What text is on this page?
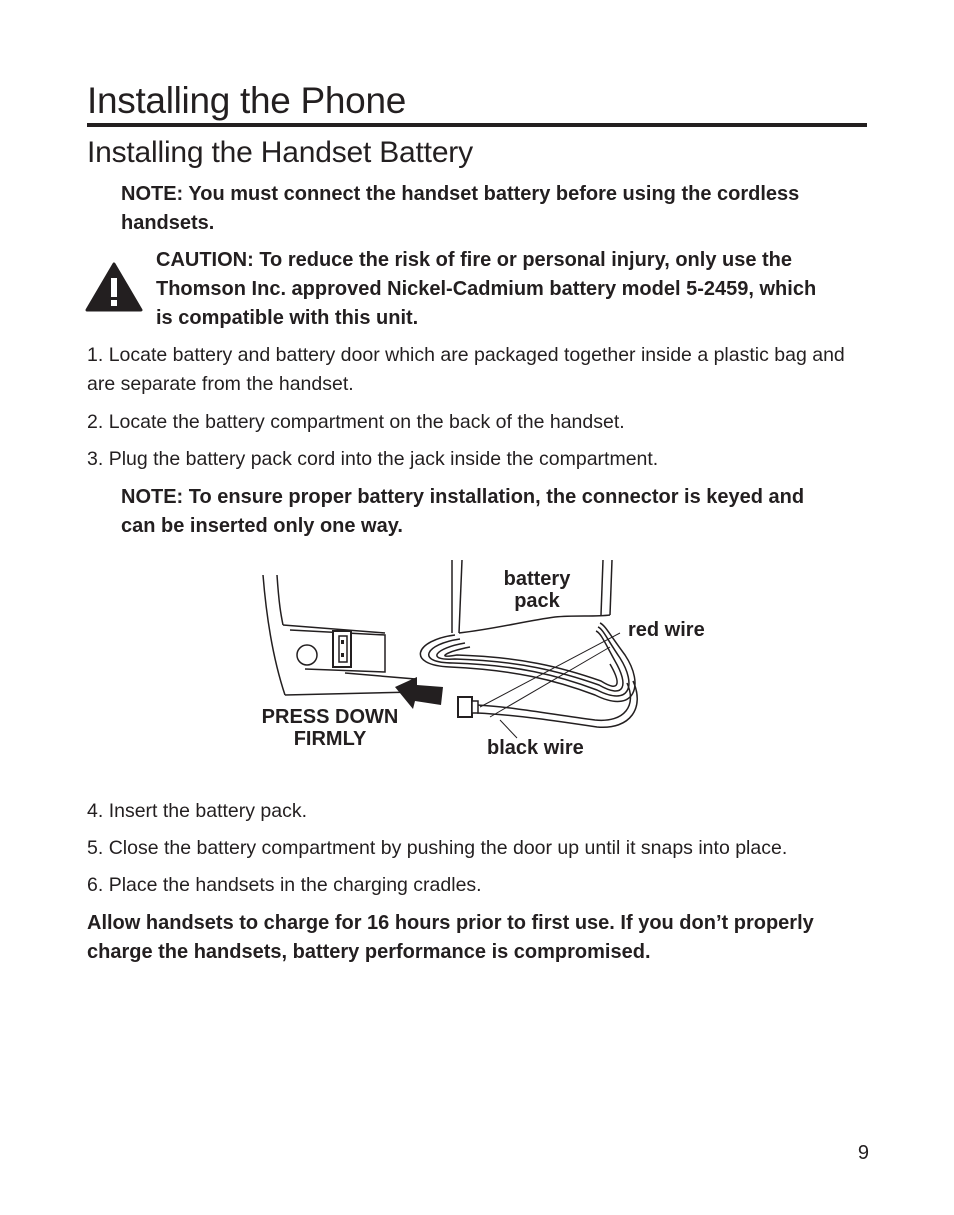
Installing the Phone
Installing the Handset Battery
NOTE: You must connect the handset battery before using the cordless handsets.
CAUTION: To reduce the risk of fire or personal injury, only use the Thomson Inc. approved Nickel-Cadmium battery model 5-2459, which is compatible with this unit.
1. Locate battery and battery door which are packaged together inside a plastic bag and are separate from the handset.
2. Locate the battery compartment on the back of the handset.
3. Plug the battery pack cord into the jack inside the compartment.
NOTE: To ensure proper battery installation, the connector is keyed and can be inserted only one way.
battery
pack
red wire
black wire
PRESS DOWN
FIRMLY
4. Insert the battery pack.
5. Close the battery compartment by pushing the door up until it snaps into place.
6. Place the handsets in the charging cradles.
Allow handsets to charge for 16 hours prior to first use. If you don’t properly charge the handsets, battery performance is compromised.
9
